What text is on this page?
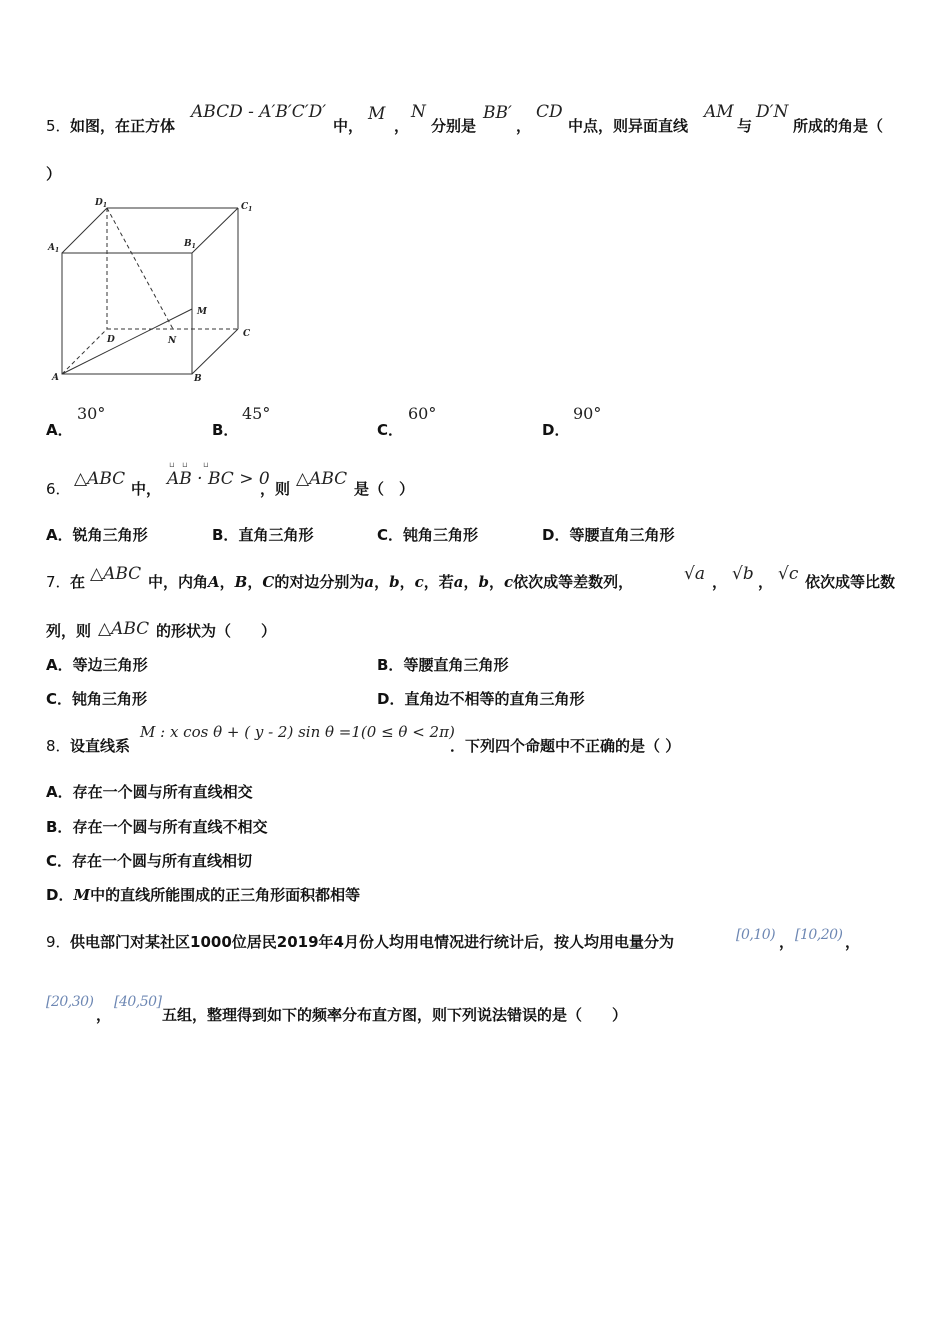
5． 如图，在正方体
ABCD - A′B′C′D′
中，
M
，
N
分别是
BB′
，
CD
中点，则异面直线
AM
与
D′N
所成的角是（
）
$D_1$	$C_1$
$A_1$
$B_1$
M
D	N
C
A	B
A．
30°
B．
45°
C．
60°
D．
90°
6． △ABC 中，
⊔ ⊔ ⊔
AB · BC > 0
，则 △ABC 是（　）
A．锐角三角形	B．直角三角形	C．钝角三角形	D．等腰直角三角形
7． 在 △ABC 中，内角A，B，C的对边分别为a，b，c，若a，b，c依次成等差数列，	√a ， √b ， √c 依次成等比数
列，则 △ABC 的形状为（　　）
A．等边三角形	B．等腰直角三角形
C．钝角三角形	D．直角边不相等的直角三角形
8． 设直线系
M : x cos θ + ( y - 2) sin θ =1(0 ≤ θ < 2π)
．下列四个命题中不正确的是（ ）
A．存在一个圆与所有直线相交
B．存在一个圆与所有直线不相交
C．存在一个圆与所有直线相切
D．M中的直线所能围成的正三角形面积都相等
9． 供电部门对某社区1000位居民2019年4月份人均用电情况进行统计后，按人均用电量分为	[0,10) ， [10,20) ，
[20,30)
，
[40,50]
五组，整理得到如下的频率分布直方图，则下列说法错误的是（　　）
